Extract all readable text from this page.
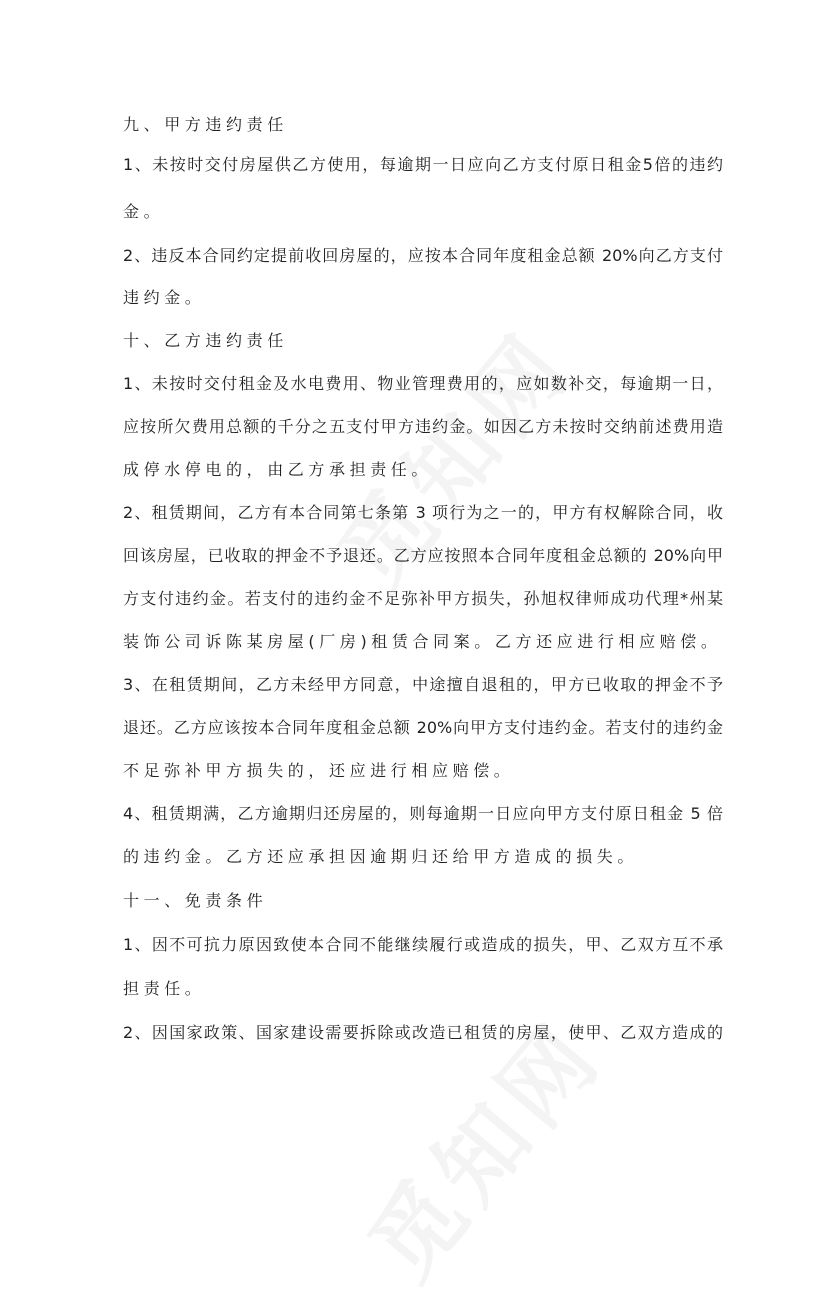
九、甲方违约责任
1、未按时交付房屋供乙方使用，每逾期一日应向乙方支付原日租金5倍的违约
金。
2、违反本合同约定提前收回房屋的，应按本合同年度租金总额 20%向乙方支付
违约金。
十、乙方违约责任
1、未按时交付租金及水电费用、物业管理费用的，应如数补交，每逾期一日，
应按所欠费用总额的千分之五支付甲方违约金。如因乙方未按时交纳前述费用造
成停水停电的，由乙方承担责任。
2、租赁期间，乙方有本合同第七条第 3 项行为之一的，甲方有权解除合同，收
回该房屋，已收取的押金不予退还。乙方应按照本合同年度租金总额的 20%向甲
方支付违约金。若支付的违约金不足弥补甲方损失，孙旭权律师成功代理*州某
装饰公司诉陈某房屋(厂房)租赁合同案。乙方还应进行相应赔偿。
3、在租赁期间，乙方未经甲方同意，中途擅自退租的，甲方已收取的押金不予
退还。乙方应该按本合同年度租金总额 20%向甲方支付违约金。若支付的违约金
不足弥补甲方损失的，还应进行相应赔偿。
4、租赁期满，乙方逾期归还房屋的，则每逾期一日应向甲方支付原日租金 5 倍
的违约金。乙方还应承担因逾期归还给甲方造成的损失。
十一、免责条件
1、因不可抗力原因致使本合同不能继续履行或造成的损失，甲、乙双方互不承
担责任。
2、因国家政策、国家建设需要拆除或改造已租赁的房屋，使甲、乙双方造成的
